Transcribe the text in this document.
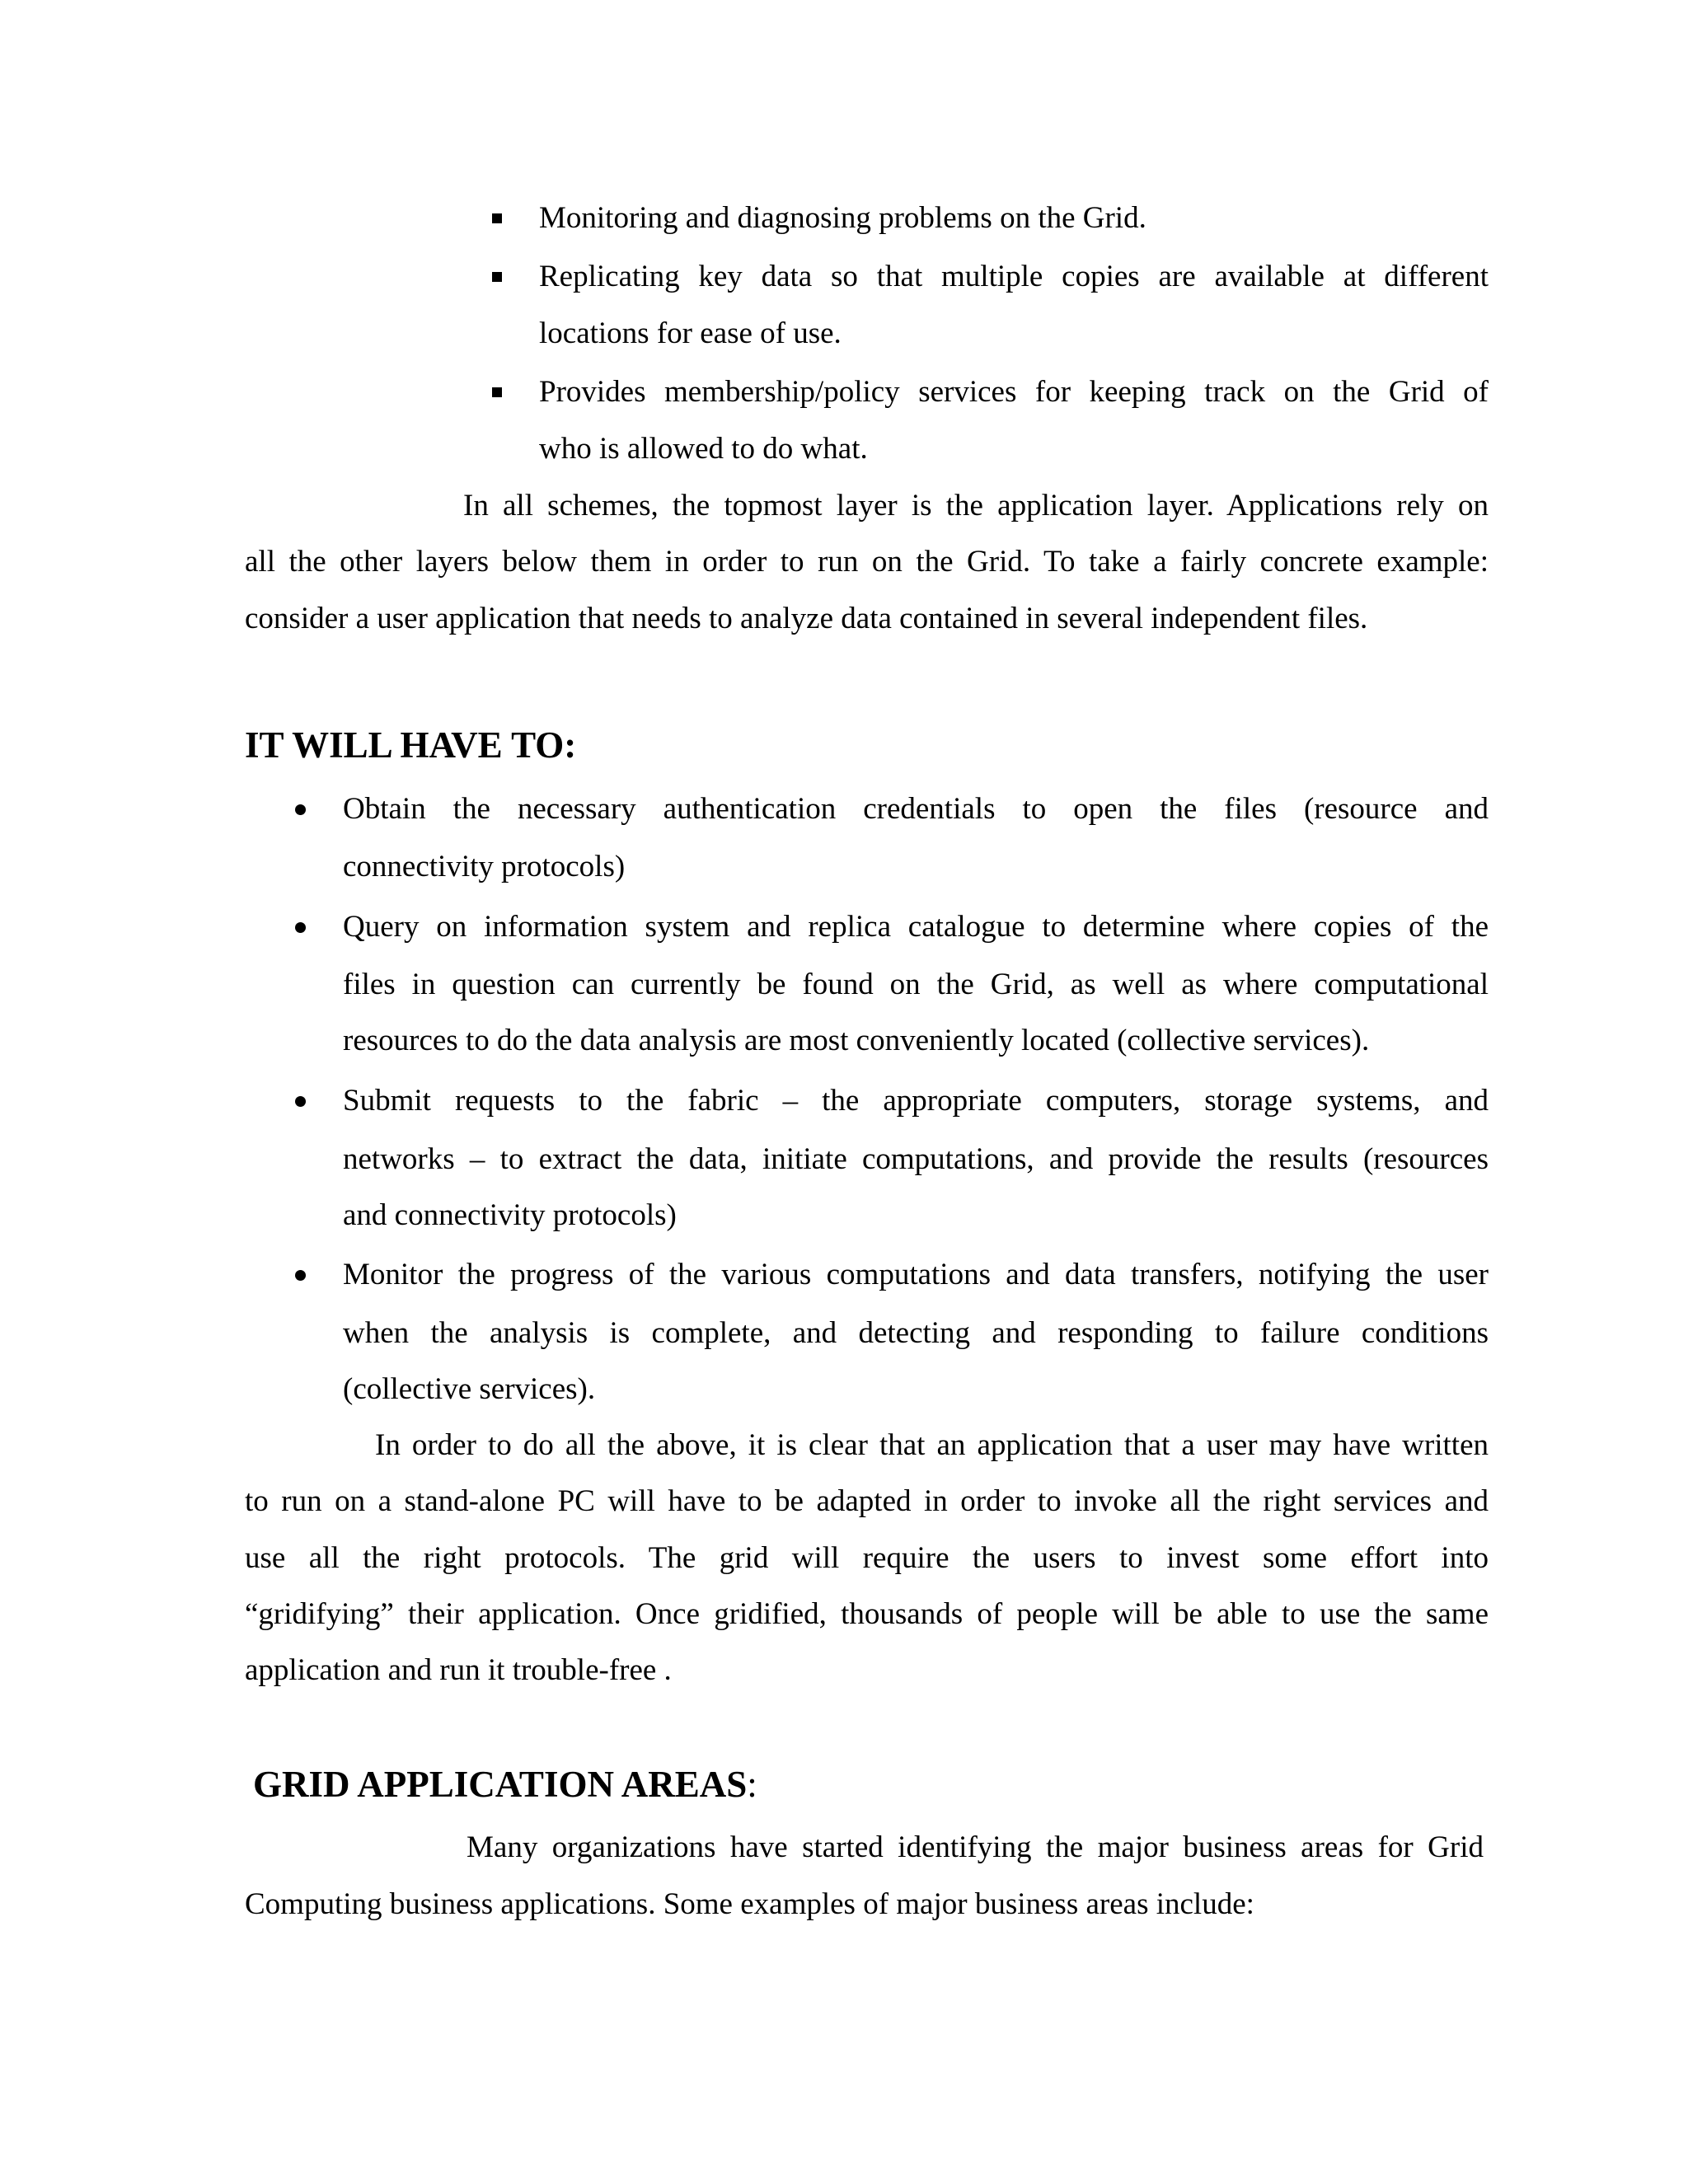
Monitoring and diagnosing problems on the Grid.
Replicating key data so that multiple copies are available at different
locations for ease of use.
Provides membership/policy services for keeping track on the Grid of
who is allowed to do what.
In all schemes, the topmost layer is the application layer. Applications rely on
all the other layers below them in order to run on the Grid. To take a fairly concrete example:
consider a user application that needs to analyze data contained in several independent files.
IT WILL HAVE TO:
Obtain the necessary authentication credentials to open the files (resource and
connectivity protocols)
Query on information system and replica catalogue to determine where copies of the
files in question can currently be found on the Grid, as well as where computational
resources to do the data analysis are most conveniently located (collective services).
Submit requests to the fabric – the appropriate computers, storage systems, and
networks – to extract the data, initiate computations, and provide the results (resources
and connectivity protocols)
Monitor the progress of the various computations and data transfers, notifying the user
when the analysis is complete, and detecting and responding to failure conditions
(collective services).
In order to do all the above, it is clear that an application that a user may have written
to run on a stand-alone PC will have to be adapted in order to invoke all the right services and
use all the right protocols. The grid will require the users to invest some effort into
“gridifying” their application. Once gridified, thousands of people will be able to use the same
application and run it trouble-free .
GRID APPLICATION AREAS:
Many organizations have started identifying the major business areas for Grid
Computing business applications. Some examples of major business areas include:
